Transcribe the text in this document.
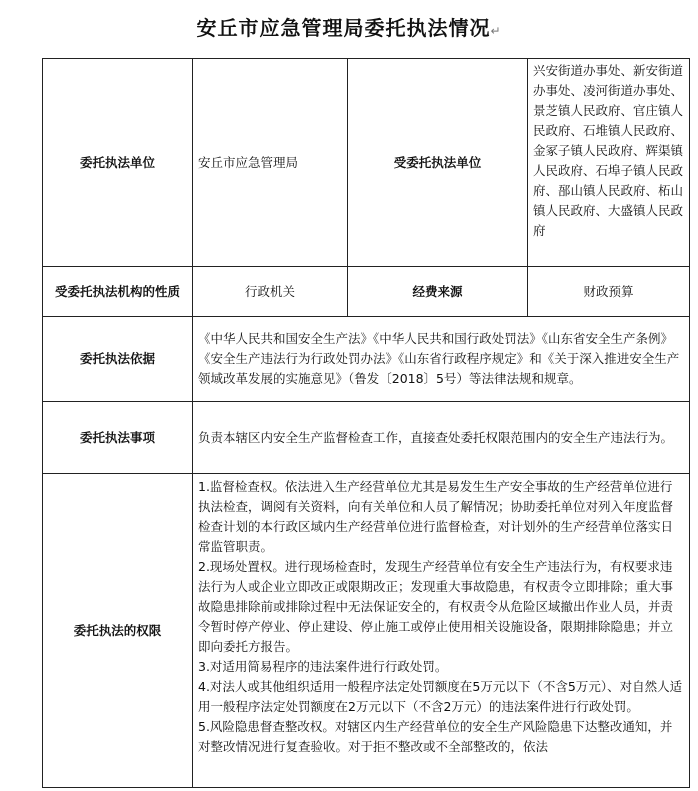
安丘市应急管理局委托执法情况↵
委托执法单位	安丘市应急管理局	受委托执法单位	兴安街道办事处、新安街道办事处、凌河街道办事处、景芝镇人民政府、官庄镇人民政府、石堆镇人民政府、金冢子镇人民政府、辉渠镇人民政府、石埠子镇人民政府、郚山镇人民政府、柘山镇人民政府、大盛镇人民政府
受委托执法机构的性质	行政机关	经费来源	财政预算
委托执法依据	《中华人民共和国安全生产法》《中华人民共和国行政处罚法》《山东省安全生产条例》《安全生产违法行为行政处罚办法》《山东省行政程序规定》和《关于深入推进安全生产领域改革发展的实施意见》（鲁发〔2018〕5号）等法律法规和规章。		
委托执法事项	负责本辖区内安全生产监督检查工作，直接查处委托权限范围内的安全生产违法行为。		
委托执法的权限	1.监督检查权。依法进入生产经营单位尤其是易发生生产安全事故的生产经营单位进行执法检查，调阅有关资料，向有关单位和人员了解情况；协助委托单位对列入年度监督检查计划的本行政区域内生产经营单位进行监督检查，对计划外的生产经营单位落实日常监管职责。
2.现场处置权。进行现场检查时，发现生产经营单位有安全生产违法行为，有权要求违法行为人或企业立即改正或限期改正；发现重大事故隐患，有权责令立即排除；重大事故隐患排除前或排除过程中无法保证安全的，有权责令从危险区域撤出作业人员，并责令暂时停产停业、停止建设、停止施工或停止使用相关设施设备，限期排除隐患；并立即向委托方报告。
3.对适用简易程序的违法案件进行行政处罚。
4.对法人或其他组织适用一般程序法定处罚额度在5万元以下（不含5万元）、对自然人适用一般程序法定处罚额度在2万元以下（不含2万元）的违法案件进行行政处罚。
5.风险隐患督查整改权。对辖区内生产经营单位的安全生产风险隐患下达整改通知，并对整改情况进行复查验收。对于拒不整改或不全部整改的，依法		
